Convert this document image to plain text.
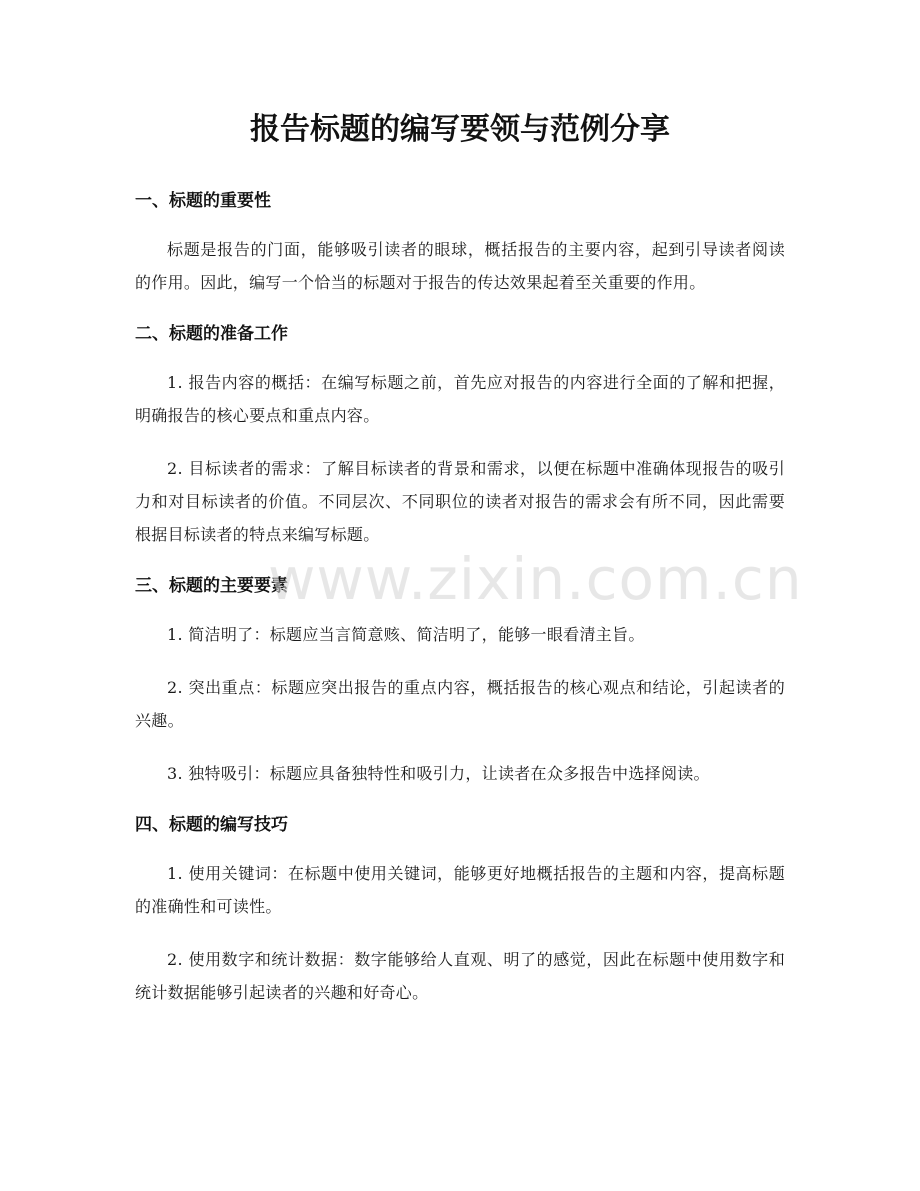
报告标题的编写要领与范例分享
一、标题的重要性

标题是报告的门面，能够吸引读者的眼球，概括报告的主要内容，起到引导读者阅读的作用。因此，编写一个恰当的标题对于报告的传达效果起着至关重要的作用。

二、标题的准备工作

1. 报告内容的概括：在编写标题之前，首先应对报告的内容进行全面的了解和把握，明确报告的核心要点和重点内容。

2. 目标读者的需求：了解目标读者的背景和需求，以便在标题中准确体现报告的吸引力和对目标读者的价值。不同层次、不同职位的读者对报告的需求会有所不同，因此需要根据目标读者的特点来编写标题。

三、标题的主要要素

1. 简洁明了：标题应当言简意赅、简洁明了，能够一眼看清主旨。

2. 突出重点：标题应突出报告的重点内容，概括报告的核心观点和结论，引起读者的兴趣。

3. 独特吸引：标题应具备独特性和吸引力，让读者在众多报告中选择阅读。

四、标题的编写技巧

1. 使用关键词：在标题中使用关键词，能够更好地概括报告的主题和内容，提高标题的准确性和可读性。

2. 使用数字和统计数据：数字能够给人直观、明了的感觉，因此在标题中使用数字和统计数据能够引起读者的兴趣和好奇心。

www.zixin.com.cn
